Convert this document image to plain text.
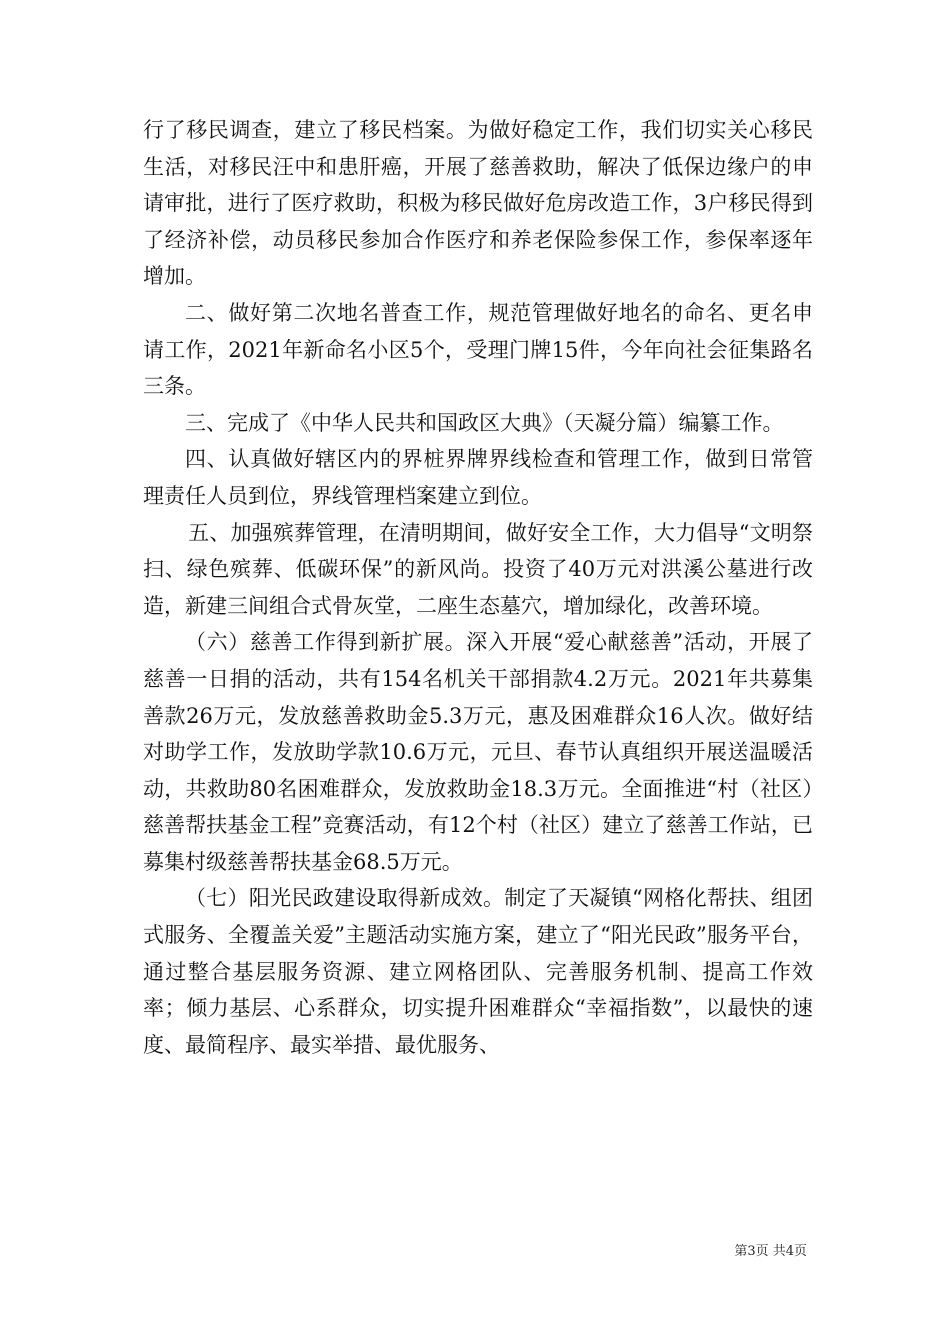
行了移民调查，建立了移民档案。为做好稳定工作，我们切实关心移民生活，对移民汪中和患肝癌，开展了慈善救助，解决了低保边缘户的申请审批，进行了医疗救助，积极为移民做好危房改造工作，3户移民得到了经济补偿，动员移民参加合作医疗和养老保险参保工作，参保率逐年增加。

二、做好第二次地名普查工作，规范管理做好地名的命名、更名申请工作，2021年新命名小区5个，受理门牌15件，今年向社会征集路名三条。

三、完成了《中华人民共和国政区大典》（天凝分篇）编纂工作。

四、认真做好辖区内的界桩界牌界线检查和管理工作，做到日常管理责任人员到位，界线管理档案建立到位。

五、加强殡葬管理，在清明期间，做好安全工作，大力倡导“文明祭扫、绿色殡葬、低碳环保”的新风尚。投资了40万元对洪溪公墓进行改造，新建三间组合式骨灰堂，二座生态墓穴，增加绿化，改善环境。

（六）慈善工作得到新扩展。深入开展“爱心献慈善”活动，开展了慈善一日捐的活动，共有154名机关干部捐款4.2万元。2021年共募集善款26万元，发放慈善救助金5.3万元，惠及困难群众16人次。做好结对助学工作，发放助学款10.6万元，元旦、春节认真组织开展送温暖活动，共救助80名困难群众，发放救助金18.3万元。全面推进“村（社区）慈善帮扶基金工程”竞赛活动，有12个村（社区）建立了慈善工作站，已募集村级慈善帮扶基金68.5万元。

（七）阳光民政建设取得新成效。制定了天凝镇“网格化帮扶、组团式服务、全覆盖关爱”主题活动实施方案，建立了“阳光民政”服务平台，通过整合基层服务资源、建立网格团队、完善服务机制、提高工作效率；倾力基层、心系群众，切实提升困难群众“幸福指数”，以最快的速度、最简程序、最实举措、最优服务、

第3页 共4页
